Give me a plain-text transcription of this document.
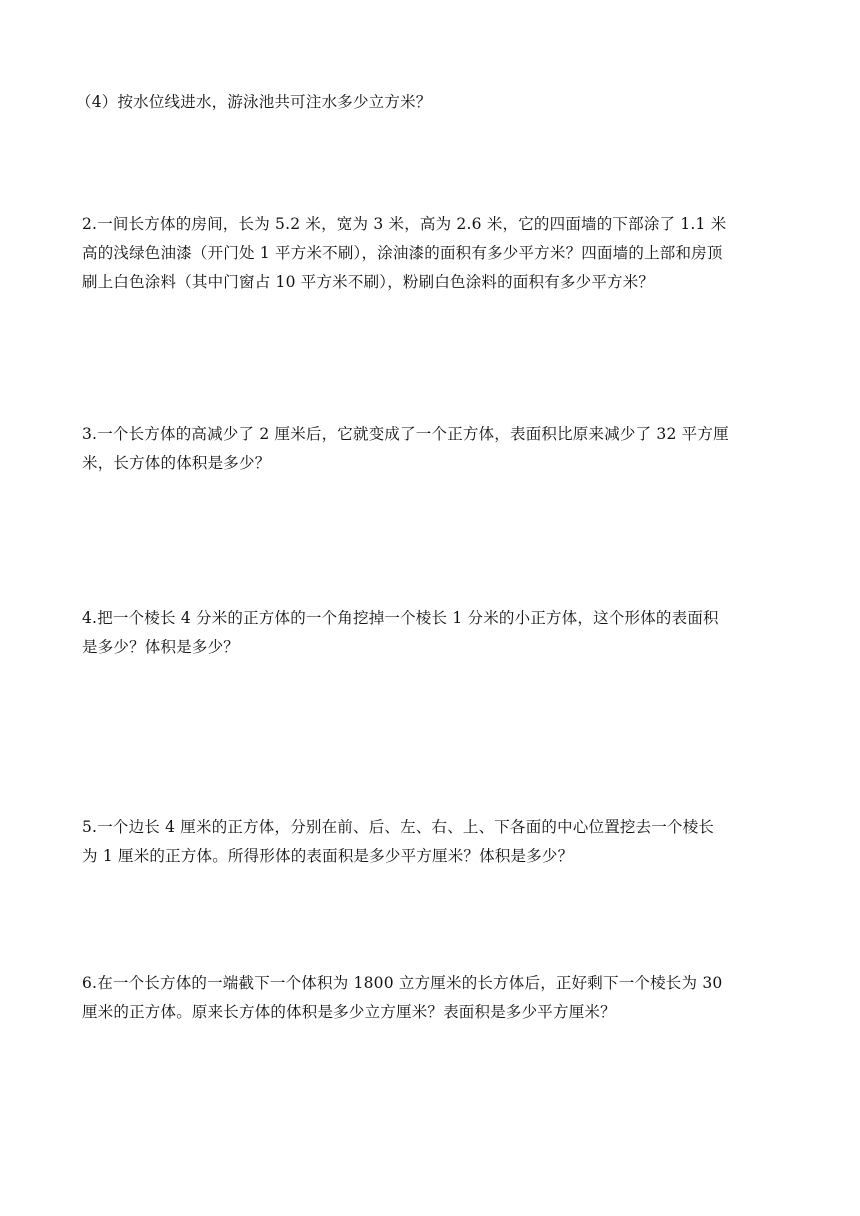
（4）按水位线进水，游泳池共可注水多少立方米？
2.一间长方体的房间，长为 5.2 米，宽为 3 米，高为 2.6 米，它的四面墙的下部涂了 1.1 米
高的浅绿色油漆（开门处 1 平方米不刷），涂油漆的面积有多少平方米？四面墙的上部和房顶
刷上白色涂料（其中门窗占 10 平方米不刷），粉刷白色涂料的面积有多少平方米？
3.一个长方体的高减少了 2 厘米后，它就变成了一个正方体，表面积比原来减少了 32 平方厘
米，长方体的体积是多少？
4.把一个棱长 4 分米的正方体的一个角挖掉一个棱长 1 分米的小正方体，这个形体的表面积
是多少？体积是多少？
5.一个边长 4 厘米的正方体，分别在前、后、左、右、上、下各面的中心位置挖去一个棱长
为 1 厘米的正方体。所得形体的表面积是多少平方厘米？体积是多少？
6.在一个长方体的一端截下一个体积为 1800 立方厘米的长方体后，正好剩下一个棱长为 30
厘米的正方体。原来长方体的体积是多少立方厘米？表面积是多少平方厘米？
